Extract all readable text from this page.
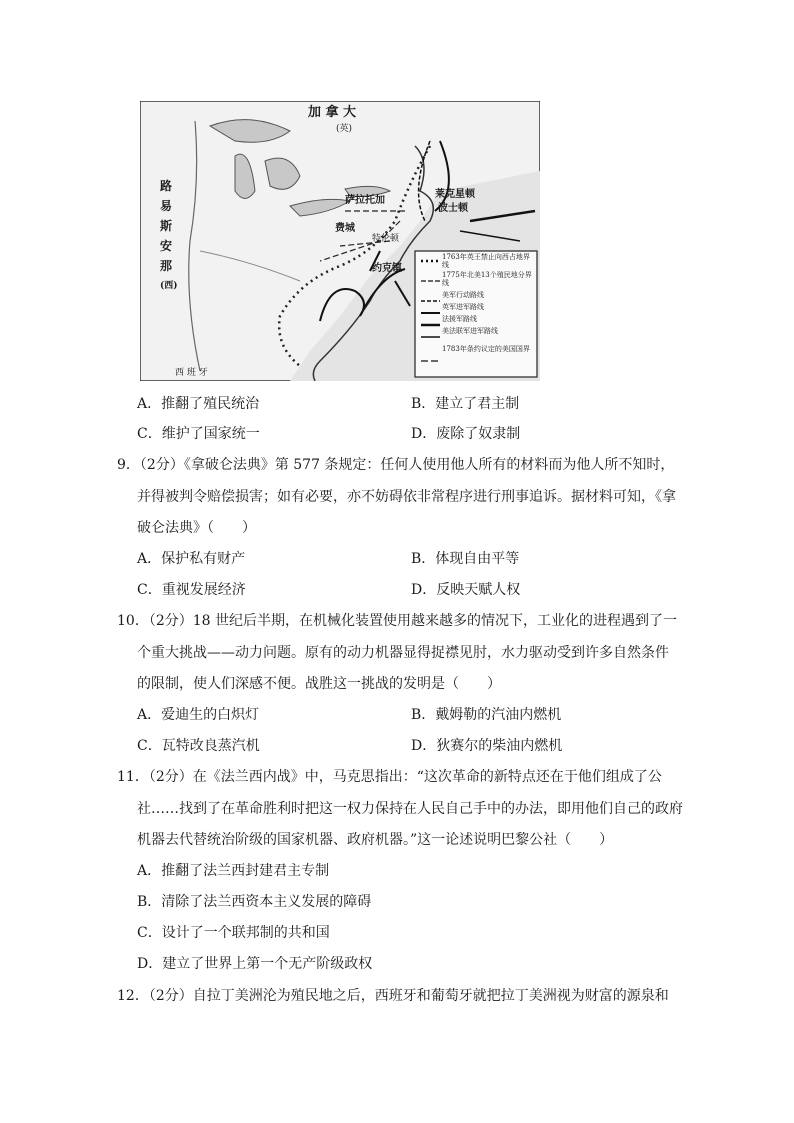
加 拿 大
(英)
路
易
斯
安
那
(西)
西 班 牙
萨拉托加
莱克星顿
波士顿
费城
特伦顿
约克镇
1763年英王禁止向西占地界线
1775年北美13个殖民地分界线
美军行动路线
英军进军路线
法援军路线
美法联军进军路线
1783年条约议定的美国国界
A．推翻了殖民统治	B．建立了君主制
C．维护了国家统一	D．废除了奴隶制
9．（2分）《拿破仑法典》第 577 条规定：任何人使用他人所有的材料而为他人所不知时，
并得被判令赔偿损害；如有必要，亦不妨碍依非常程序进行刑事追诉。据材料可知，《拿
破仑法典》（　　）
A．保护私有财产	B．体现自由平等
C．重视发展经济	D．反映天赋人权
10．（2分）18 世纪后半期，在机械化装置使用越来越多的情况下，工业化的进程遇到了一
个重大挑战——动力问题。原有的动力机器显得捉襟见肘，水力驱动受到许多自然条件
的限制，使人们深感不便。战胜这一挑战的发明是（　　）
A．爱迪生的白炽灯	B．戴姆勒的汽油内燃机
C．瓦特改良蒸汽机	D．狄赛尔的柴油内燃机
11．（2分）在《法兰西内战》中，马克思指出：“这次革命的新特点还在于他们组成了公
社……找到了在革命胜利时把这一权力保持在人民自己手中的办法，即用他们自己的政府
机器去代替统治阶级的国家机器、政府机器。”这一论述说明巴黎公社（　　）
A．推翻了法兰西封建君主专制
B．清除了法兰西资本主义发展的障碍
C．设计了一个联邦制的共和国
D．建立了世界上第一个无产阶级政权
12．（2分）自拉丁美洲沦为殖民地之后，西班牙和葡萄牙就把拉丁美洲视为财富的源泉和
